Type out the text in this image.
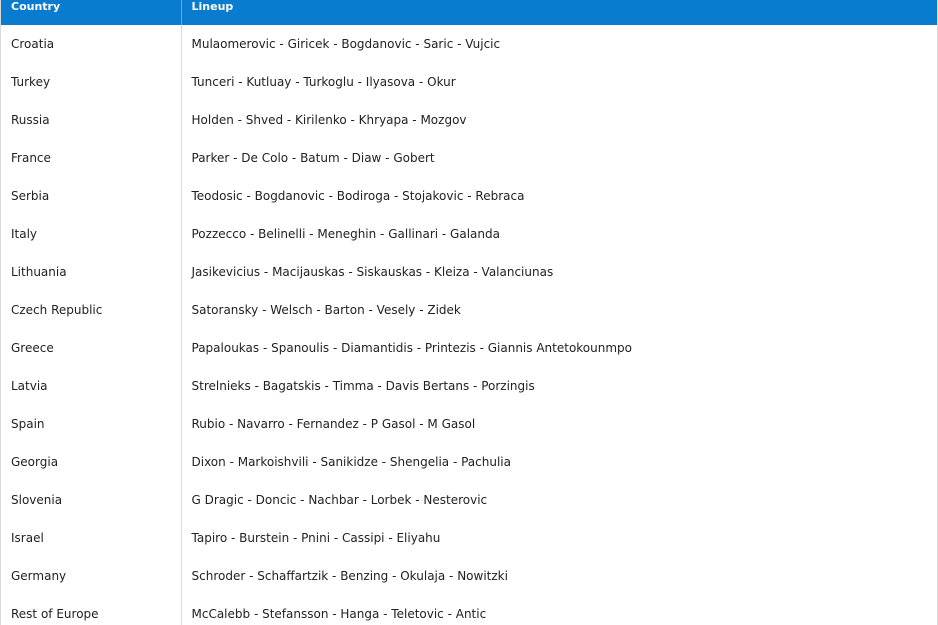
Country	Lineup
Croatia	Mulaomerovic - Giricek - Bogdanovic - Saric - Vujcic
Turkey	Tunceri - Kutluay - Turkoglu - Ilyasova - Okur
Russia	Holden - Shved - Kirilenko - Khryapa - Mozgov
France	Parker - De Colo - Batum - Diaw - Gobert
Serbia	Teodosic - Bogdanovic - Bodiroga - Stojakovic - Rebraca
Italy	Pozzecco - Belinelli - Meneghin - Gallinari - Galanda
Lithuania	Jasikevicius - Macijauskas - Siskauskas - Kleiza - Valanciunas
Czech Republic	Satoransky - Welsch - Barton - Vesely - Zidek
Greece	Papaloukas - Spanoulis - Diamantidis - Printezis - Giannis Antetokounmpo
Latvia	Strelnieks - Bagatskis - Timma - Davis Bertans - Porzingis
Spain	Rubio - Navarro - Fernandez - P Gasol - M Gasol
Georgia	Dixon - Markoishvili - Sanikidze - Shengelia - Pachulia
Slovenia	G Dragic - Doncic - Nachbar - Lorbek - Nesterovic
Israel	Tapiro - Burstein - Pnini - Cassipi - Eliyahu
Germany	Schroder - Schaffartzik - Benzing - Okulaja - Nowitzki
Rest of Europe	McCalebb - Stefansson - Hanga - Teletovic - Antic
